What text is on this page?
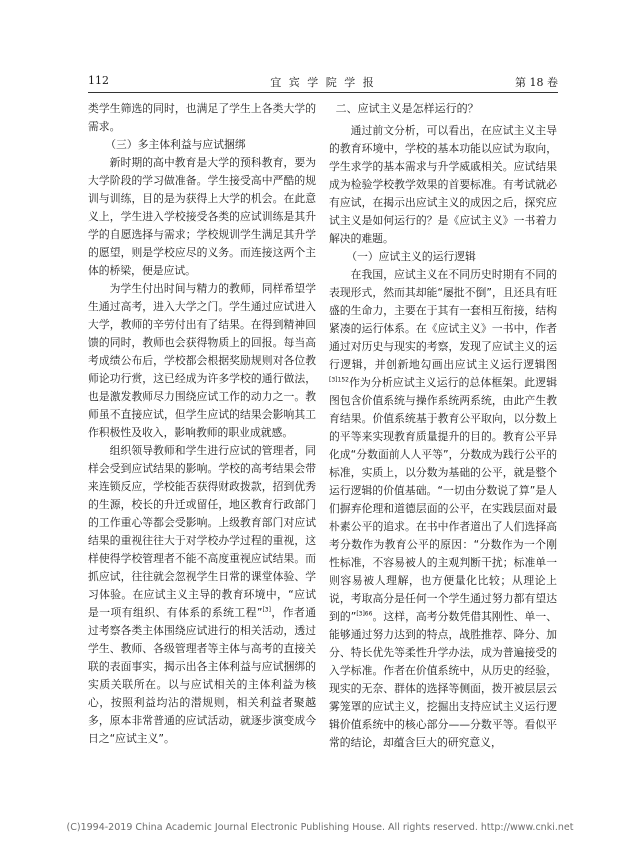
112	宜 宾 学 院 学 报	第 18 卷

类学生筛选的同时，也满足了学生上各类大学的需求。

（三）多主体利益与应试捆绑

新时期的高中教育是大学的预科教育，要为大学阶段的学习做准备。学生接受高中严酷的规训与训练，目的是为获得上大学的机会。在此意义上，学生进入学校接受各类的应试训练是其升学的自愿选择与需求；学校规训学生满足其升学的愿望，则是学校应尽的义务。而连接这两个主体的桥梁，便是应试。

为学生付出时间与精力的教师，同样希望学生通过高考，进入大学之门。学生通过应试进入大学，教师的辛劳付出有了结果。在得到精神回馈的同时，教师也会获得物质上的回报。每当高考成绩公布后，学校都会根据奖励规则对各位教师论功行赏，这已经成为许多学校的通行做法，也是激发教师尽力围绕应试工作的动力之一。教师虽不直接应试，但学生应试的结果会影响其工作积极性及收入，影响教师的职业成就感。

组织领导教师和学生进行应试的管理者，同样会受到应试结果的影响。学校的高考结果会带来连锁反应，学校能否获得财政拨款，招到优秀的生源，校长的升迁或留任，地区教育行政部门的工作重心等都会受影响。上级教育部门对应试结果的重视往往大于对学校办学过程的重视，这样使得学校管理者不能不高度重视应试结果。而抓应试，往往就会忽视学生日常的课堂体验、学习体验。在应试主义主导的教育环境中，“应试是一项有组织、有体系的系统工程”[3]，作者通过考察各类主体围绕应试进行的相关活动，透过学生、教师、各级管理者等主体与高考的直接关联的表面事实，揭示出各主体利益与应试捆绑的实质关联所在。以与应试相关的主体利益为核心，按照利益均沾的潜规则，相关利益者聚越多，原本非常普通的应试活动，就逐步演变成今日之“应试主义”。

二、应试主义是怎样运行的？

通过前文分析，可以看出，在应试主义主导的教育环境中，学校的基本功能以应试为取向，学生求学的基本需求与升学威戚相关。应试结果成为检验学校教学效果的首要标准。有考试就必有应试，在揭示出应试主义的成因之后，探究应试主义是如何运行的？是《应试主义》一书着力解决的难题。

（一）应试主义的运行逻辑

在我国，应试主义在不同历史时期有不同的表现形式，然而其却能“屡批不倒”，且还具有旺盛的生命力，主要在于其有一套相互衔接，结构紧凑的运行体系。在《应试主义》一书中，作者通过对历史与现实的考察，发现了应试主义的运行逻辑，并创新地勾画出应试主义运行逻辑图$^{[3]152}$作为分析应试主义运行的总体框架。此逻辑图包含价值系统与操作系统两系统，由此产生教育结果。价值系统基于教育公平取向，以分数上的平等来实现教育质量提升的目的。教育公平异化成“分数面前人人平等”，分数成为践行公平的标准，实质上，以分数为基础的公平，就是整个运行逻辑的价值基础。“一切由分数说了算”是人们摒弃伦理和道德层面的公平，在实践层面对最朴素公平的追求。在书中作者道出了人们选择高考分数作为教育公平的原因：“分数作为一个刚性标准，不容易被人的主观判断干扰；标准单一则容易被人理解，也方便量化比较；从理论上说，考取高分是任何一个学生通过努力都有望达到的”$^{[3]66}$。这样，高考分数凭借其刚性、单一、能够通过努力达到的特点，战胜推荐、降分、加分、特长优先等柔性升学办法，成为普遍接受的入学标准。作者在价值系统中，从历史的经验，现实的无奈、群体的选择等侧面，拨开被层层云雾笼罩的应试主义，挖掘出支持应试主义运行逻辑价值系统中的核心部分——分数平等。看似平常的结论，却蕴含巨大的研究意义，

(C)1994-2019 China Academic Journal Electronic Publishing House. All rights reserved. http://www.cnki.net
